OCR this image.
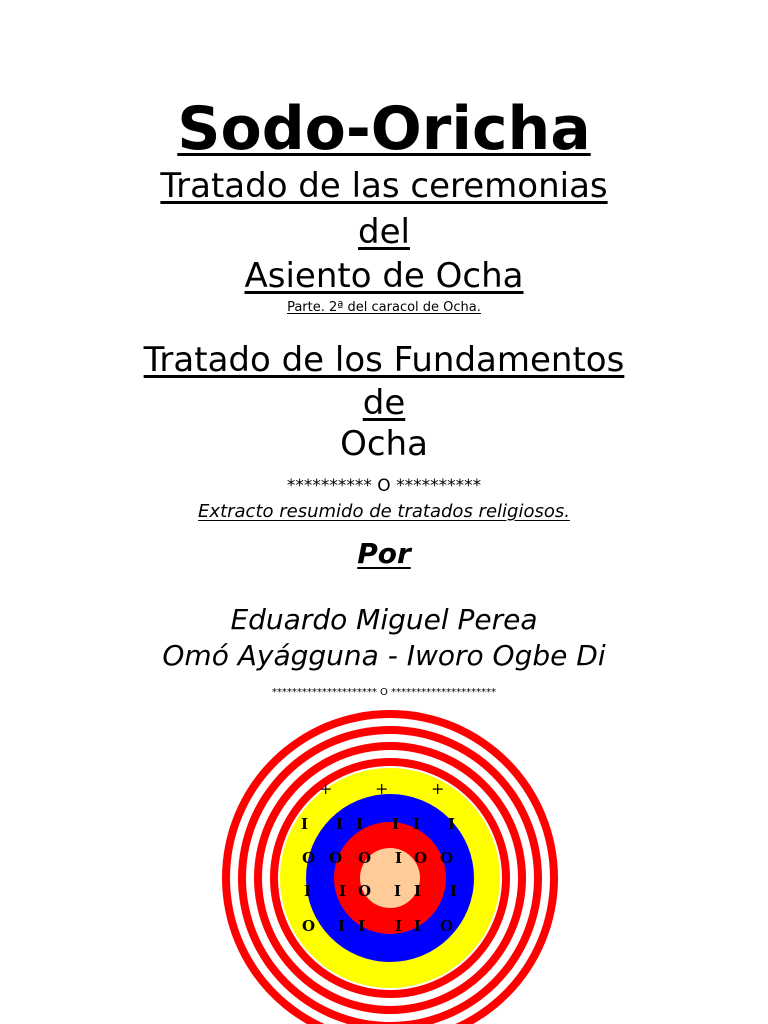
Sodo-Oricha
Tratado de las ceremonias
del
Asiento de Ocha
Parte. 2ª del caracol de Ocha.
Tratado de los Fundamentos
de
Ocha
********** O **********
Extracto resumido de tratados religiosos.
Por
Eduardo Miguel Perea
Omó Ayágguna - Iworo Ogbe Di
********************* O *********************
+	+	+
I I I I I I
O O O I O O
I I O I I I
O I I I I O
